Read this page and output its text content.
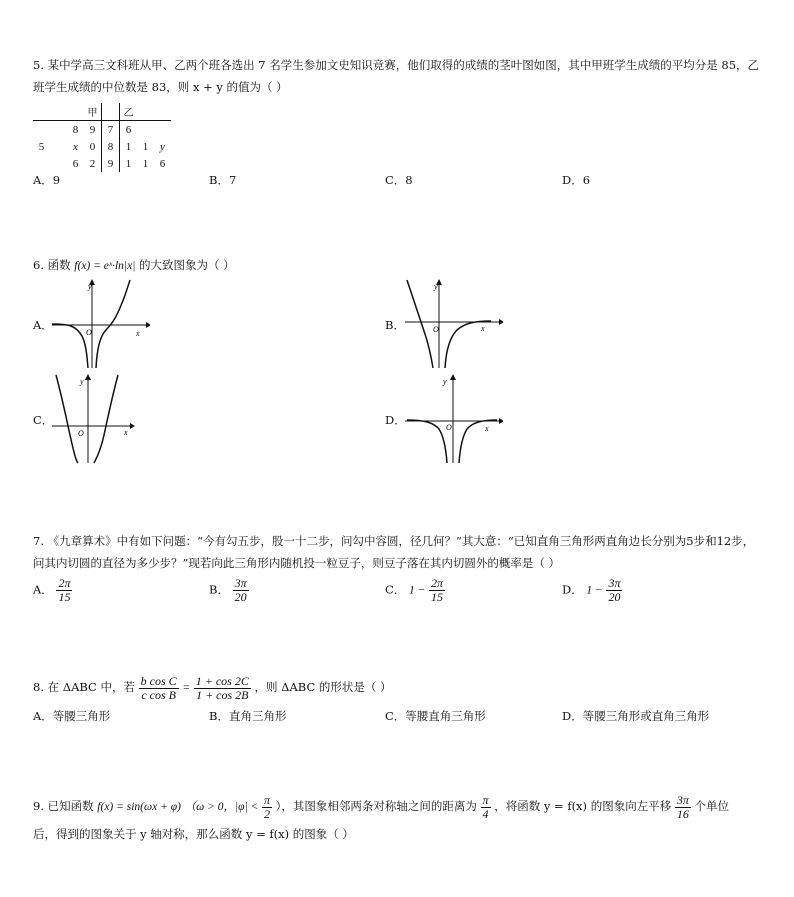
5. 某中学高三文科班从甲、乙两个班各选出 7 名学生参加文史知识竞赛，他们取得的成绩的茎叶图如图，其中甲班学生成绩的平均分是 85，乙
班学生成绩的中位数是 83，则 x + y 的值为（ ）
			甲		乙		
		8	9	7	6		
5		x	0	8	1	1	y
		6	2	9	1	1	6
A．9	B．7	C．8	D．6
6. 函数 f(x) = eˣ·ln|x| 的大致图象为（ ）
A．	B．
C．	D．
y
x
O
y
x
O
y
x
O
y
x
O
7. 《九章算术》中有如下问题：“今有勾五步，股一十二步，问勾中容圆，径几何？”其大意：“已知直角三角形两直角边长分别为5步和12步，
问其内切圆的直径为多少步？”现若向此三角形内随机投一粒豆子，则豆子落在其内切圆外的概率是（ ）
A． $\frac{2\pi}{15}$	B． $\frac{3\pi}{20}$	C． $1 - \frac{2\pi}{15}$	D． $1 - \frac{3\pi}{20}$
8. 在 ΔABC 中，若 $\frac{\text{b cos C}}{\text{c cos B}} = \frac{1 + \cos 2C}{1 + \cos 2B}$ ，则 ΔABC 的形状是（ ）
A．等腰三角形	B．直角三角形	C．等腰直角三角形	D．等腰三角形或直角三角形
9. 已知函数 f(x) = sin(ωx + φ) （ω > 0，$|\varphi| < \frac{\pi}{2}$ ），其图象相邻两条对称轴之间的距离为 $\frac{\pi}{4}$ ，将函数 y = f(x) 的图象向左平移 $\frac{3\pi}{16}$ 个单位
后，得到的图象关于 y 轴对称，那么函数 y = f(x) 的图象（ ）
